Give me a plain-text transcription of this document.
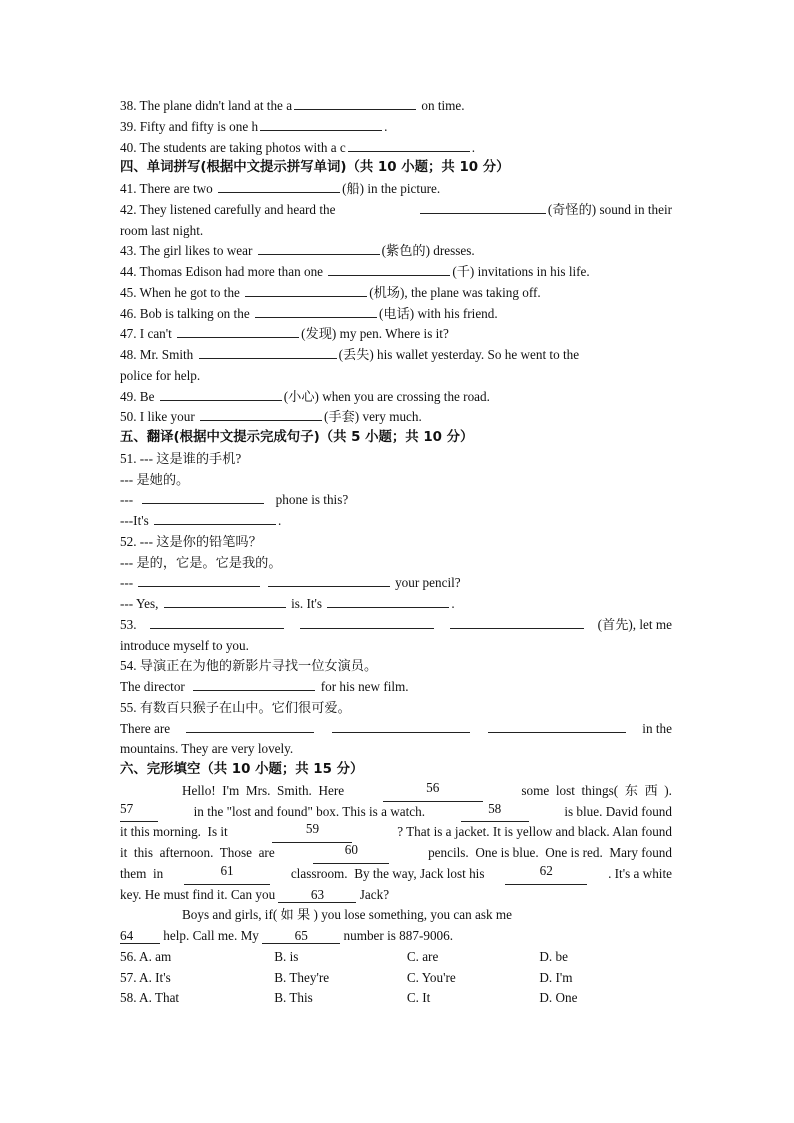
38. The plane didn't land at the a	on time.
39. Fifty and fifty is one h	.
40. The students are taking photos with a c	.
四、单词拼写(根据中文提示拼写单词)（共 10 小题；共 10 分）
41. There are two	(船) in the picture.
42. They listened carefully and heard the	(奇怪的) sound in their
room last night.
43. The girl likes to wear	(紫色的) dresses.
44. Thomas Edison had more than one	(千) invitations in his life.
45. When he got to the	(机场), the plane was taking off.
46. Bob is talking on the	(电话) with his friend.
47. I can't	(发现) my pen. Where is it?
48. Mr. Smith	(丢失) his wallet yesterday. So he went to the
police for help.
49. Be	(小心) when you are crossing the road.
50. I like your	(手套) very much.
五、翻译(根据中文提示完成句子)（共 5 小题；共 10 分）
51. --- 这是谁的手机?
--- 是她的。
---	phone is this?
---It's	.
52. --- 这是你的铅笔吗？
--- 是的，它是。它是我的。
---	your pencil?
--- Yes,	is. It's	.
53.	(首先), let me
introduce myself to you.
54. 导演正在为他的新影片寻找一位女演员。
The director	for his new film.
55. 有数百只猴子在山中。它们很可爱。
There are	in the
mountains. They are very lovely.
六、完形填空（共 10 小题；共 15 分）
Hello!  I'm  Mrs.  Smith.  Here	56	some  lost  things(  东  西  ).
57	in the "lost and found" box. This is a watch.	58	is blue. David found
it this morning.  Is it	59	? That is a jacket. It is yellow and black. Alan found
it  this  afternoon.  Those  are	60	pencils.  One is blue.  One is red.  Mary found
them  in	61	classroom.  By the way, Jack lost his	62	. It's a white
key. He must find it. Can you	63	Jack?
Boys and girls, if( 如 果 ) you lose something, you can ask me
64 help. Call me. My	65	number is 887-9006.
56. A. am	B. is	C. are	D. be
57. A. It's	B. They're	C. You're	D. I'm
58. A. That	B. This	C. It	D. One
